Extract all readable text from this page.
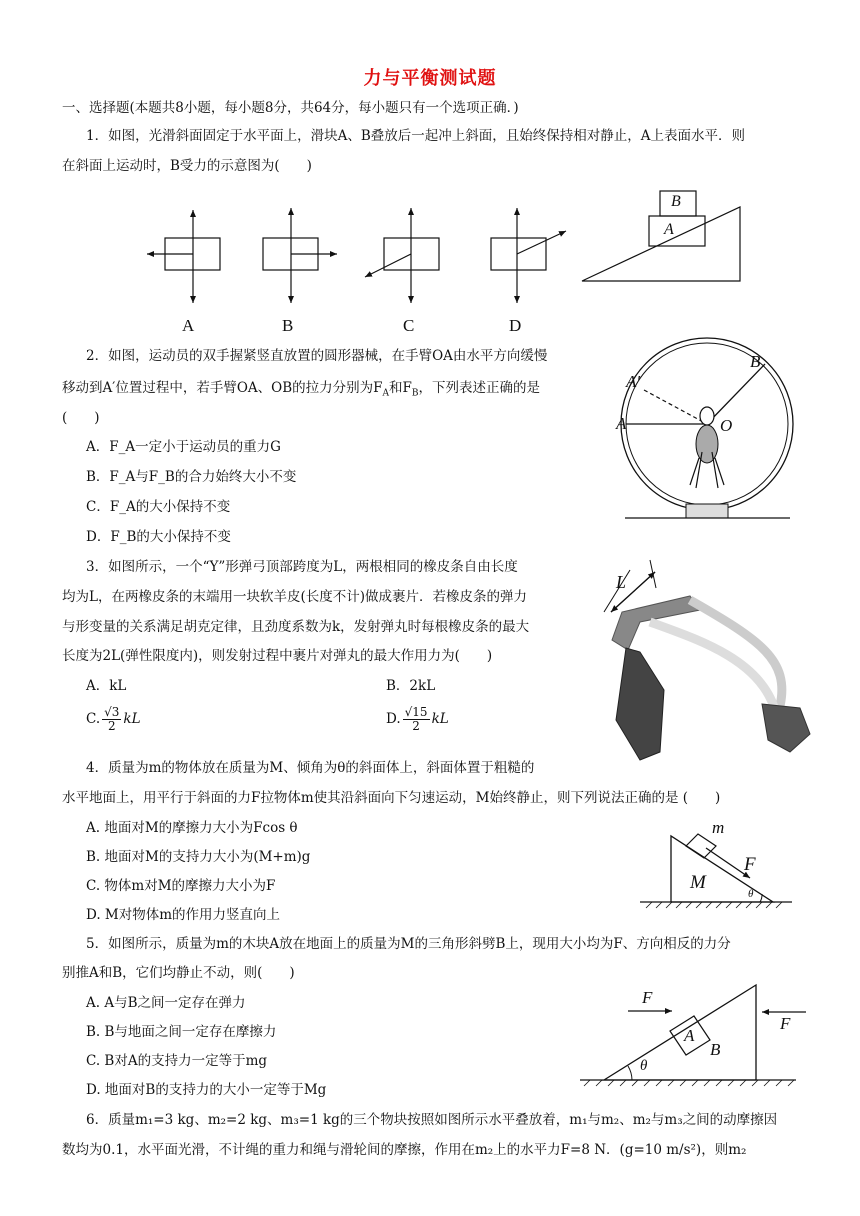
力与平衡测试题
一、选择题(本题共8小题，每小题8分，共64分，每小题只有一个选项正确．)
1．如图，光滑斜面固定于水平面上，滑块A、B叠放后一起冲上斜面，且始终保持相对静止，A上表面水平．则
在斜面上运动时，B受力的示意图为(　　)
A	B	C	D
B
A
2．如图，运动员的双手握紧竖直放置的圆形器械，在手臂OA由水平方向缓慢
移动到A′位置过程中，若手臂OA、OB的拉力分别为$F_A$和$F_B$，下列表述正确的是
(　　)
A．F_A一定小于运动员的重力G
B．F_A与F_B的合力始终大小不变
C．F_A的大小保持不变
D．F_B的大小保持不变
B
A′
A	O
3．如图所示，一个“Y”形弹弓顶部跨度为L，两根相同的橡皮条自由长度
均为L，在两橡皮条的末端用一块软羊皮(长度不计)做成裹片．若橡皮条的弹力
与形变量的关系满足胡克定律，且劲度系数为k，发射弹丸时每根橡皮条的最大
长度为2L(弹性限度内)，则发射过程中裹片对弹丸的最大作用力为(　　)
A．kL	B．2kL
C. $\frac{√3}{2}$ kL	D. $\frac{√15}{2}$ kL
L
4．质量为m的物体放在质量为M、倾角为θ的斜面体上，斜面体置于粗糙的
水平地面上，用平行于斜面的力F拉物体m使其沿斜面向下匀速运动，M始终静止，则下列说法正确的是 (　　)
A. 地面对M的摩擦力大小为Fcos θ
B. 地面对M的支持力大小为(M+m)g
C. 物体m对M的摩擦力大小为F
D. M对物体m的作用力竖直向上
m
F
M
θ
5．如图所示，质量为m的木块A放在地面上的质量为M的三角形斜劈B上，现用大小均为F、方向相反的力分
别推A和B，它们均静止不动，则(　　)
A. A与B之间一定存在弹力
B. B与地面之间一定存在摩擦力
C. B对A的支持力一定等于mg
D. 地面对B的支持力的大小一定等于Mg
F
A
F
B
θ
6．质量m₁=3 kg、m₂=2 kg、m₃=1 kg的三个物块按照如图所示水平叠放着，m₁与m₂、m₂与m₃之间的动摩擦因
数均为0.1，水平面光滑，不计绳的重力和绳与滑轮间的摩擦，作用在m₂上的水平力F=8 N．(g=10 m/s²)，则m₂
